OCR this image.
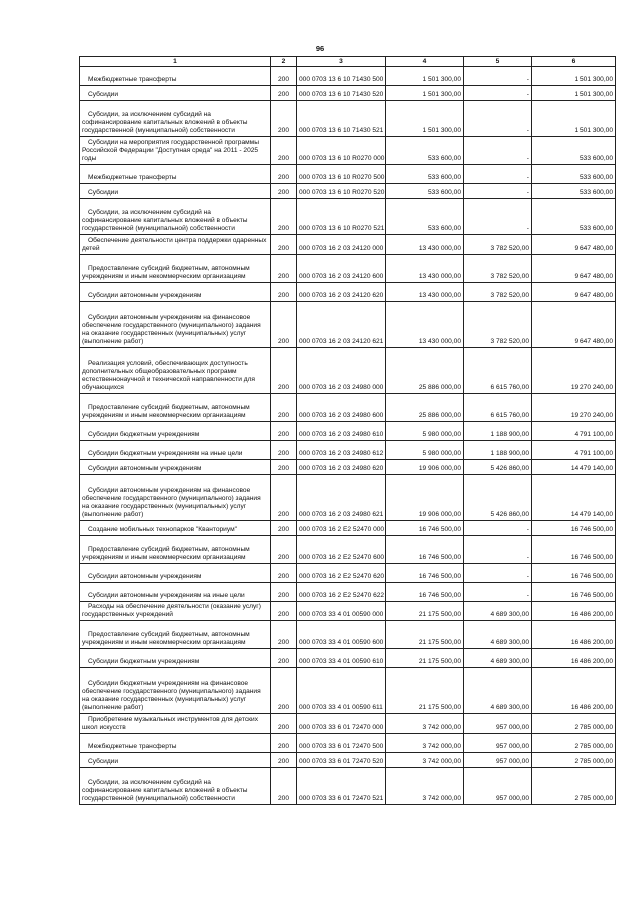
96
1	2	3	4	5	6

Межбюджетные трансферты	200	000 0703 13 6 10 71430 500	1 501 300,00	-	1 501 300,00

Субсидии	200	000 0703 13 6 10 71430 520	1 501 300,00	-	1 501 300,00

Субсидии, за исключением субсидий на софинансирование капитальных вложений в объекты государственной (муниципальной) собственности	200	000 0703 13 6 10 71430 521	1 501 300,00	-	1 501 300,00

Субсидии на мероприятия государственной программы Российской Федерации "Доступная среда" на 2011 - 2025 годы	200	000 0703 13 6 10 R0270 000	533 600,00	-	533 600,00

Межбюджетные трансферты	200	000 0703 13 6 10 R0270 500	533 600,00	-	533 600,00

Субсидии	200	000 0703 13 6 10 R0270 520	533 600,00	-	533 600,00

Субсидии, за исключением субсидий на софинансирование капитальных вложений в объекты государственной (муниципальной) собственности	200	000 0703 13 6 10 R0270 521	533 600,00	-	533 600,00

Обеспечение деятельности центра поддержки одаренных детей	200	000 0703 16 2 03 24120 000	13 430 000,00	3 782 520,00	9 647 480,00

Предоставление субсидий бюджетным, автономным учреждениям и иным некоммерческим организациям	200	000 0703 16 2 03 24120 600	13 430 000,00	3 782 520,00	9 647 480,00

Субсидии автономным учреждениям	200	000 0703 16 2 03 24120 620	13 430 000,00	3 782 520,00	9 647 480,00

Субсидии автономным учреждениям на финансовое обеспечение государственного (муниципального) задания на оказание государственных (муниципальных) услуг (выполнение работ)	200	000 0703 16 2 03 24120 621	13 430 000,00	3 782 520,00	9 647 480,00

Реализация условий, обеспечивающих доступность дополнительных общеобразовательных программ естественнонаучной и технической направленности для обучающихся	200	000 0703 16 2 03 24980 000	25 886 000,00	6 615 760,00	19 270 240,00

Предоставление субсидий бюджетным, автономным учреждениям и иным некоммерческим организациям	200	000 0703 16 2 03 24980 600	25 886 000,00	6 615 760,00	19 270 240,00

Субсидии бюджетным учреждениям	200	000 0703 16 2 03 24980 610	5 980 000,00	1 188 900,00	4 791 100,00

Субсидии бюджетным учреждениям на иные цели	200	000 0703 16 2 03 24980 612	5 980 000,00	1 188 900,00	4 791 100,00

Субсидии автономным учреждениям	200	000 0703 16 2 03 24980 620	19 906 000,00	5 426 860,00	14 479 140,00

Субсидии автономным учреждениям на финансовое обеспечение государственного (муниципального) задания на оказание государственных (муниципальных) услуг (выполнение работ)	200	000 0703 16 2 03 24980 621	19 906 000,00	5 426 860,00	14 479 140,00

Создание мобильных технопарков "Кванториум"	200	000 0703 16 2 E2 52470 000	16 746 500,00	-	16 746 500,00

Предоставление субсидий бюджетным, автономным учреждениям и иным некоммерческим организациям	200	000 0703 16 2 E2 52470 600	16 746 500,00	-	16 746 500,00

Субсидии автономным учреждениям	200	000 0703 16 2 E2 52470 620	16 746 500,00	-	16 746 500,00

Субсидии автономным учреждениям на иные цели	200	000 0703 16 2 E2 52470 622	16 746 500,00	-	16 746 500,00

Расходы на обеспечение деятельности (оказание услуг) государственных учреждений	200	000 0703 33 4 01 00590 000	21 175 500,00	4 689 300,00	16 486 200,00

Предоставление субсидий бюджетным, автономным учреждениям и иным некоммерческим организациям	200	000 0703 33 4 01 00590 600	21 175 500,00	4 689 300,00	16 486 200,00

Субсидии бюджетным учреждениям	200	000 0703 33 4 01 00590 610	21 175 500,00	4 689 300,00	16 486 200,00

Субсидии бюджетным учреждениям на финансовое обеспечение государственного (муниципального) задания на оказание государственных (муниципальных) услуг (выполнение работ)	200	000 0703 33 4 01 00590 611	21 175 500,00	4 689 300,00	16 486 200,00

Приобретение музыкальных инструментов для детских школ искусств	200	000 0703 33 6 01 72470 000	3 742 000,00	957 000,00	2 785 000,00

Межбюджетные трансферты	200	000 0703 33 6 01 72470 500	3 742 000,00	957 000,00	2 785 000,00

Субсидии	200	000 0703 33 6 01 72470 520	3 742 000,00	957 000,00	2 785 000,00

Субсидии, за исключением субсидий на софинансирование капитальных вложений в объекты государственной (муниципальной) собственности	200	000 0703 33 6 01 72470 521	3 742 000,00	957 000,00	2 785 000,00
